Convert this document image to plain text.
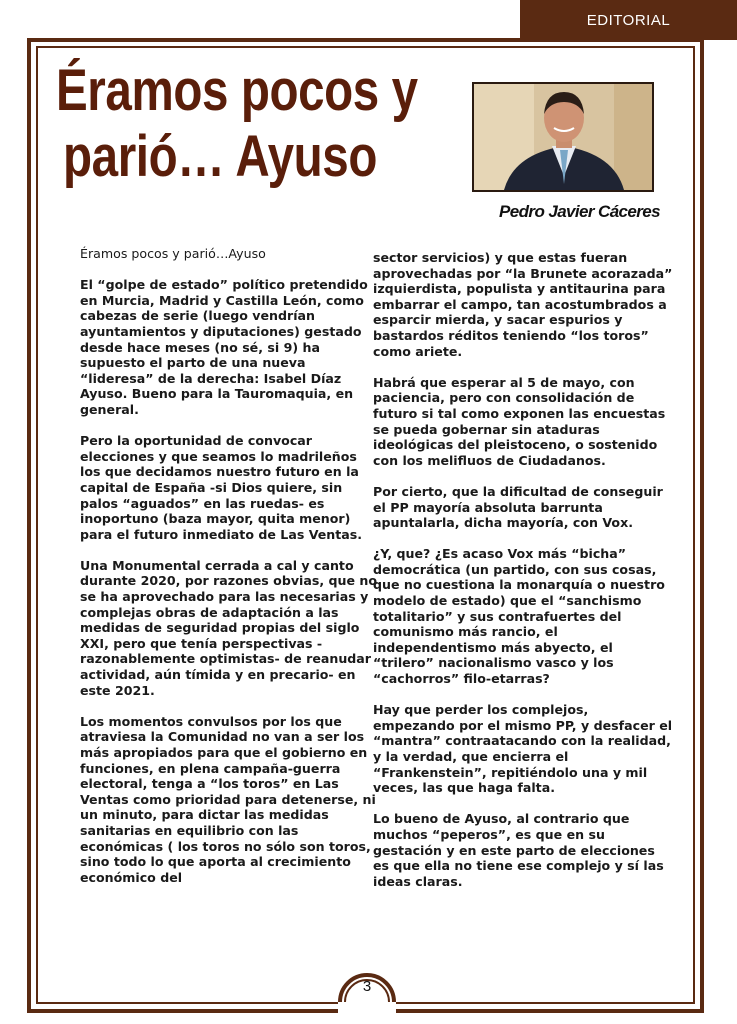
EDITORIAL
Éramos pocos y
parió… Ayuso
Pedro Javier Cáceres

Éramos pocos y parió…Ayuso

El “golpe de estado” político pretendido en Murcia, Madrid y Castilla León, como cabezas de serie (luego vendrían ayuntamientos y diputaciones) gestado desde hace meses (no sé, si 9) ha supuesto el parto de una nueva “lideresa” de la derecha: Isabel Díaz Ayuso. Bueno para la Tauromaquia, en general.

Pero la oportunidad de convocar elecciones y que seamos lo madrileños los que decidamos nuestro futuro en la capital de España -si Dios quiere, sin palos “aguados” en las ruedas- es inoportuno (baza mayor, quita menor) para el futuro inmediato de Las Ventas.

Una Monumental cerrada a cal y canto durante 2020, por razones obvias, que no se ha aprovechado para las necesarias y complejas obras de adaptación a las medidas de seguridad propias del siglo XXI, pero que tenía perspectivas -razonablemente optimistas- de reanudar actividad, aún tímida y en precario- en este 2021.

Los momentos convulsos por los que atraviesa la Comunidad no van a ser los más apropiados para que el gobierno en funciones, en plena campaña-guerra electoral, tenga a “los toros” en Las Ventas como prioridad para detenerse, ni un minuto, para dictar las medidas sanitarias en equilibrio con las económicas ( los toros no sólo son toros, sino todo lo que aporta al crecimiento económico del

sector servicios) y que estas fueran aprovechadas por “la Brunete acorazada” izquierdista, populista y antitaurina para embarrar el campo, tan acostumbrados a esparcir mierda, y sacar espurios y bastardos réditos teniendo “los toros” como ariete.

Habrá que esperar al 5 de mayo, con paciencia, pero con consolidación de futuro si tal como exponen las encuestas se pueda gobernar sin ataduras ideológicas del pleistoceno, o sostenido con los melifluos de Ciudadanos.

Por cierto, que la dificultad de conseguir el PP mayoría absoluta barrunta apuntalarla, dicha mayoría, con Vox.

¿Y, que? ¿Es acaso Vox más “bicha” democrática (un partido, con sus cosas, que no cuestiona la monarquía o nuestro modelo de estado) que el “sanchismo totalitario” y sus contrafuertes del comunismo más rancio, el independentismo más abyecto, el “trilero” nacionalismo vasco y los “cachorros” filo-etarras?

Hay que perder los complejos, empezando por el mismo PP, y desfacer el “mantra” contraatacando con la realidad, y la verdad, que encierra el “Frankenstein”, repitiéndolo una y mil veces, las que haga falta.

Lo bueno de Ayuso, al contrario que muchos “peperos”, es que en su gestación y en este parto de elecciones es que ella no tiene ese complejo y sí las ideas claras.

3
